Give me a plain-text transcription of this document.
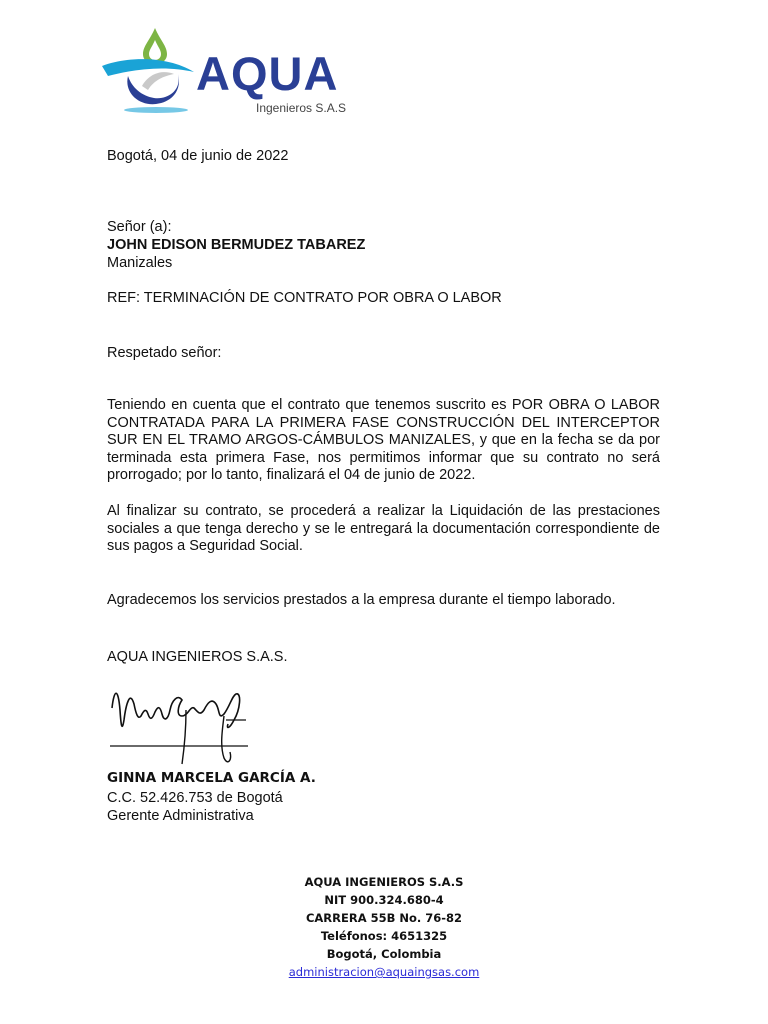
AQUA
Ingenieros S.A.S
Bogotá, 04 de junio de 2022
Señor (a):
JOHN EDISON BERMUDEZ TABAREZ
Manizales
REF: TERMINACIÓN DE CONTRATO POR OBRA O LABOR
Respetado señor:
Teniendo en cuenta que el contrato que tenemos suscrito es POR OBRA O LABOR CONTRATADA PARA LA PRIMERA FASE CONSTRUCCIÓN DEL INTERCEPTOR SUR EN EL TRAMO ARGOS-CÁMBULOS MANIZALES, y que en la fecha se da por terminada esta primera Fase, nos permitimos informar que su contrato no será prorrogado; por lo tanto, finalizará el 04 de junio de 2022.
Al finalizar su contrato, se procederá a realizar la Liquidación de las prestaciones sociales a que tenga derecho y se le entregará la documentación correspondiente de sus pagos a Seguridad Social.
Agradecemos los servicios prestados a la empresa durante el tiempo laborado.
AQUA INGENIEROS S.A.S.
GINNA MARCELA GARCÍA A.
C.C. 52.426.753 de Bogotá
Gerente Administrativa
AQUA INGENIEROS S.A.S
NIT 900.324.680-4
CARRERA 55B No. 76-82
Teléfonos: 4651325
Bogotá, Colombia
administracion@aquaingsas.com
